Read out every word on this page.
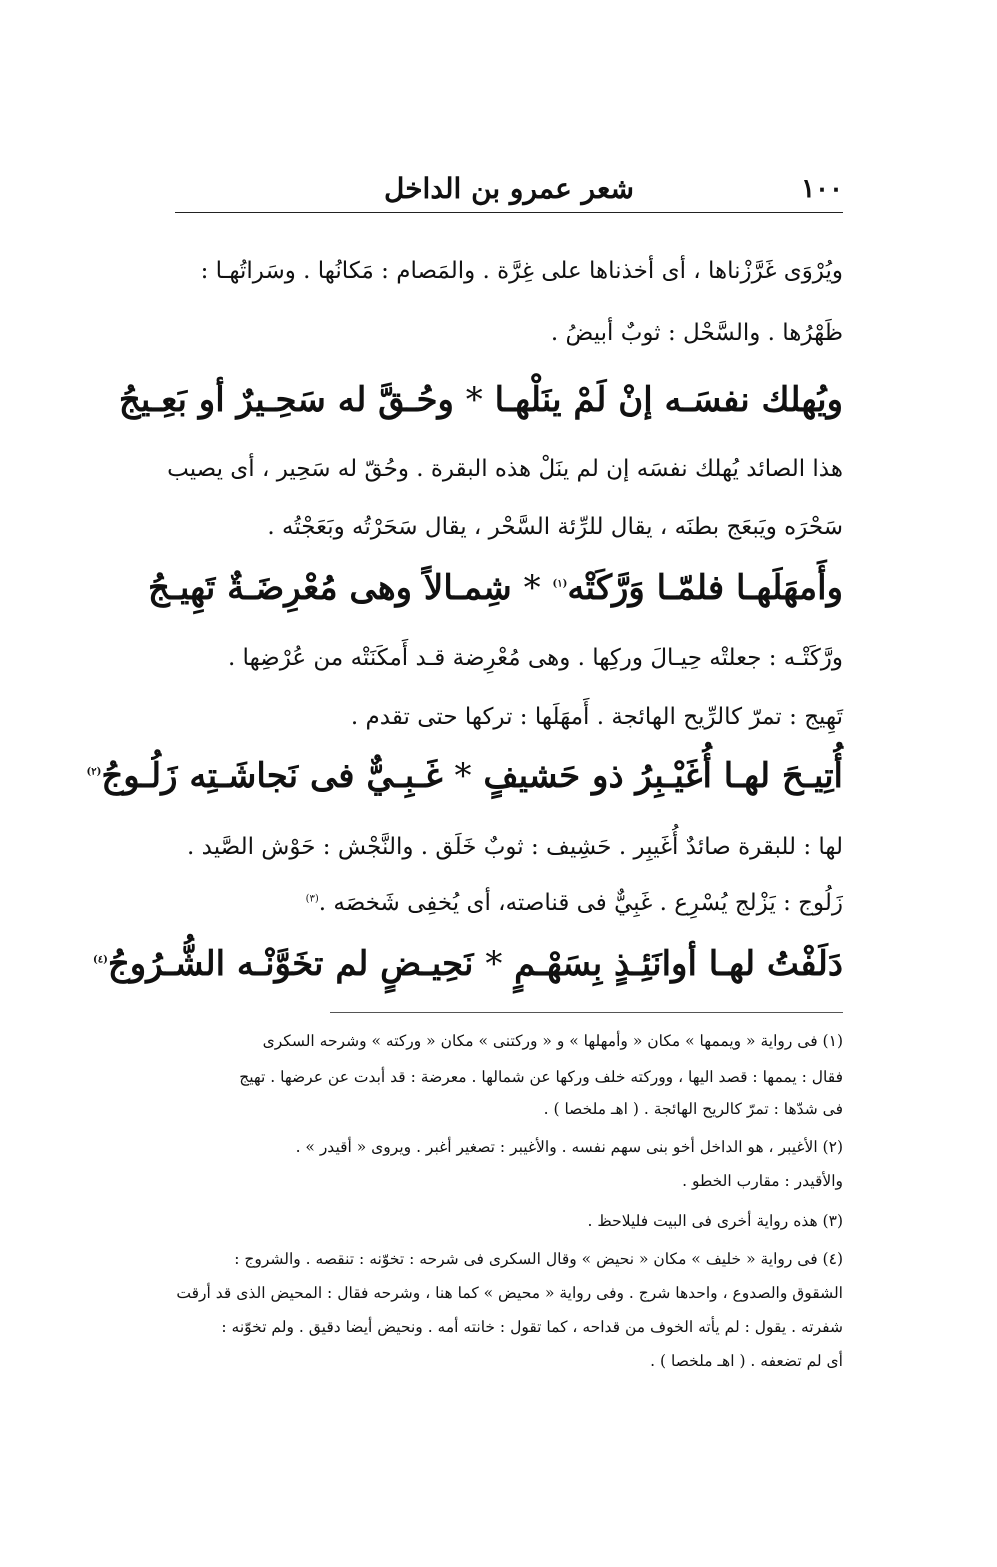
١٠٠
شعر عمرو بن الداخل
ويُرْوَى غَرَّزْناها ، أى أخذناها على غِرَّة . والمَصام : مَكانُها . وسَراتُهـا :
ظَهْرُها . والسَّحْل : ثوبٌ أبيضُ .
ويُهلك نفسَـه إنْ لَمْ ينَلْهـا * وحُـقَّ له سَحِـيرٌ أو بَعِـيجُ
هذا الصائد يُهلك نفسَه إن لم ينَلْ هذه البقرة . وحُقّ له سَحِير ، أى يصيب
سَحْرَه ويَبعَج بطنَه ، يقال للرِّئة السَّحْر ، يقال سَحَرْتُه وبَعَجْتُه .
وأَمهَلَهـا فلمّـا وَرَّكَتْه$^{(١)}$ * شِمـالاً وهى مُعْرِضَـةٌ تَهِيـجُ
ورَّكَتْـه : جعلتْه حِيـالَ وركِها . وهى مُعْرِضة قـد أَمكَنَتْه من عُرْضِها .
تَهِيج : تمرّ كالرِّيح الهائجة . أَمهَلَها : تركها حتى تقدم .
أُتِيـحَ لهـا أُغَيْـبِرُ ذو حَشيفٍ * غَـبِـيٌّ فى نَجاشَـتِه زَلُـوجُ$^{(٢)}$
لها : للبقرة صائدٌ أُغَيبِر . حَشِيف : ثوبٌ خَلَق . والنَّجْش : حَوْش الصَّيد .
زَلُوج : يَزْلج يُسْرِع . غَبِيٌّ فى قناصته، أى يُخفِى شَخصَه .$^{(٣)}$
دَلَفْتُ لهـا أوانَئِـذٍ بِسَهْـمٍ * نَحِيـضٍ لم تخَوَّنْـه الشُّـرُوجُ$^{(٤)}$
(١) فى رواية « ويممها » مكان « وأمهلها » و « وركتنى » مكان « وركته » وشرحه السكرى
فقال : يممها : قصد اليها ، ووركته خلف وركها عن شمالها . معرضة : قد أبدت عن عرضها . تهيج
فى شدّها : تمرّ كالريح الهائجة . ( اهـ ملخصا ) .
(٢) الأغيبر ، هو الداخل أخو بنى سهم نفسه . والأغيبر : تصغير أغبر . ويروى « أقيدر » .
والأقيدر : مقارب الخطو .
(٣) هذه رواية أخرى فى البيت فليلاحظ .
(٤) فى رواية « خليف » مكان « نحيض » وقال السكرى فى شرحه : تخوّنه : تنقصه . والشروج :
الشقوق والصدوع ، واحدها شرج . وفى رواية « محيض » كما هنا ، وشرحه فقال : المحيض الذى قد أرقت
شفرته . يقول : لم يأته الخوف من قداحه ، كما تقول : خانته أمه . ونحيض أيضا دقيق . ولم تخوّنه :
أى لم تضعفه . ( اهـ ملخصا ) .
